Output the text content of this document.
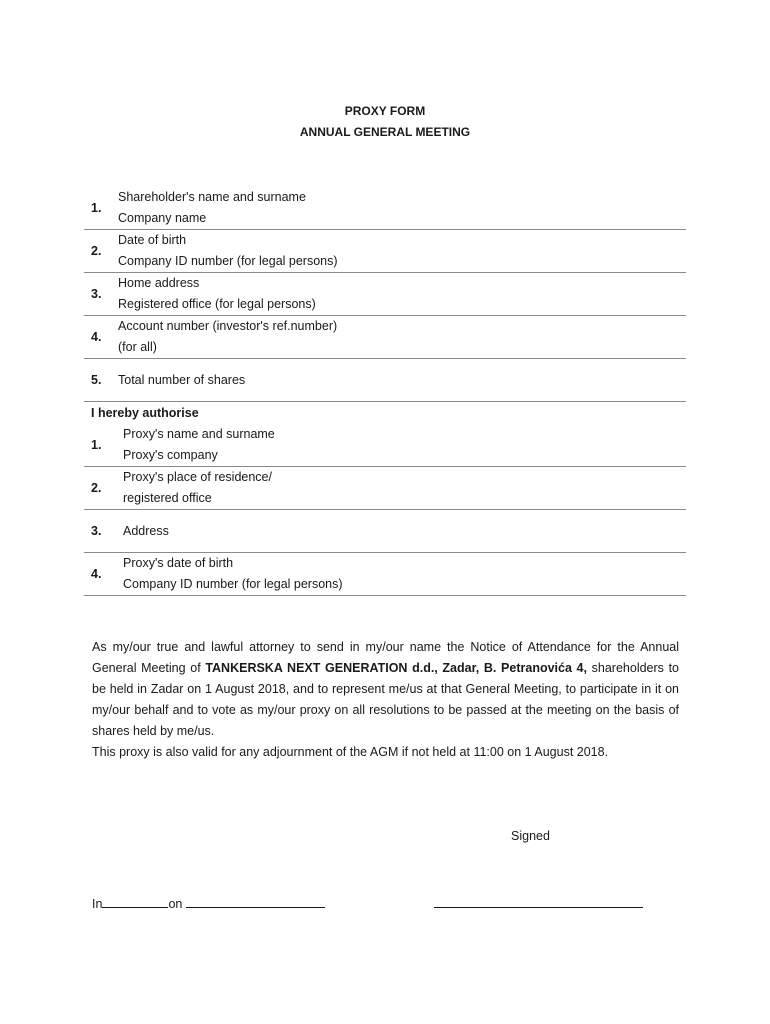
PROXY FORM
ANNUAL GENERAL MEETING
1.
Shareholder's name and surname
Company name
2.
Date of birth
Company ID number (for legal persons)
3.
Home address
Registered office (for legal persons)
4.
Account number (investor's ref.number)
(for all)
5. Total number of shares
I hereby authorise
1.
Proxy's name and surname
Proxy's company
2.
Proxy's place of residence/
registered office
3. Address
4.
Proxy's date of birth
Company ID number (for legal persons)

As my/our true and lawful attorney to send in my/our name the Notice of Attendance for the Annual General Meeting of TANKERSKA NEXT GENERATION d.d., Zadar, B. Petranovića 4, shareholders to be held in Zadar on 1 August 2018, and to represent me/us at that General Meeting, to participate in it on my/our behalf and to vote as my/our proxy on all resolutions to be passed at the meeting on the basis of shares held by me/us.

This proxy is also valid for any adjournment of the AGM if not held at 11:00 on 1 August 2018.

Signed
In	on
